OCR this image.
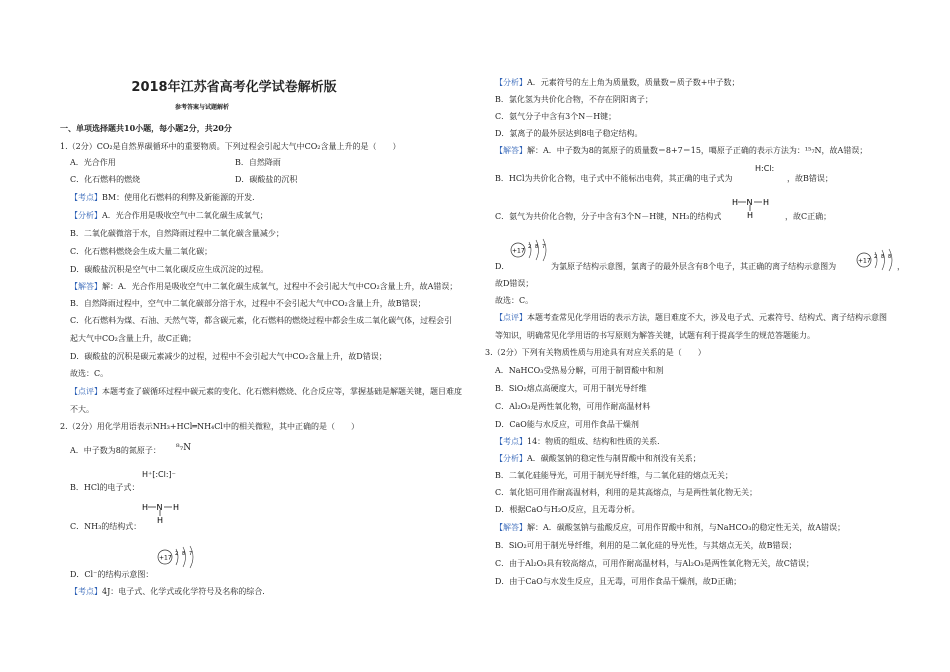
2018年江苏省高考化学试卷解析版
参考答案与试题解析
一、单项选择题共10小题，每小题2分，共20分
1.（2分）CO₂是自然界碳循环中的重要物质。下列过程会引起大气中CO₂含量上升的是（　　）
A．光合作用	B．自然降雨
C．化石燃料的燃烧	D．碳酸盐的沉积
【考点】BM：使用化石燃料的利弊及新能源的开发．
【分析】A．光合作用是吸收空气中二氧化碳生成氧气；
B．二氧化碳微溶于水，自然降雨过程中二氧化碳含量减少；
C．化石燃料燃烧会生成大量二氧化碳；
D．碳酸盐沉积是空气中二氧化碳反应生成沉淀的过程。
【解答】解：A．光合作用是吸收空气中二氧化碳生成氧气，过程中不会引起大气中CO₂含量上升，故A错误；
B．自然降雨过程中，空气中二氧化碳部分溶于水，过程中不会引起大气中CO₂含量上升，故B错误；
C．化石燃料为煤、石油、天然气等，都含碳元素，化石燃料的燃烧过程中都会生成二氧化碳气体，过程会引
起大气中CO₂含量上升，故C正确；
D．碳酸盐的沉积是碳元素减少的过程，过程中不会引起大气中CO₂含量上升，故D错误；
故选：C。
【点评】本题考查了碳循环过程中碳元素的变化、化石燃料燃烧、化合反应等，掌握基础是解题关键，题目难度
不大。
2.（2分）用化学用语表示NH₃+HCl═NH₄Cl中的相关微粒，其中正确的是（　　）
A．中子数为8的氮原子： ⁸₇N
B．HCl的电子式：
H⁺[:Cl:]⁻
C．NH₃的结构式：
H N H
H
D．Cl⁻的结构示意图：
+17
2 8 7
【考点】4J：电子式、化学式或化学符号及名称的综合．
【分析】A．元素符号的左上角为质量数，质量数＝质子数+中子数；
B．氯化氢为共价化合物，不存在阴阳离子；
C．氨气分子中含有3个N－H键；
D．氯离子的最外层达到8电子稳定结构。
【解答】解：A．中子数为8的氮原子的质量数＝8+7＝15，噶原子正确的表示方法为：¹⁵₇N，故A错误；
B．HCl为共价化合物，电子式中不能标出电荷，其正确的电子式为
H:Cl:
，故B错误；
C．氨气为共价化合物，分子中含有3个N－H键，NH₃的结构式
H N H
H	，故C正确；
D．
+17
2 8 7
为氯原子结构示意图，氯离子的最外层含有8个电子，其正确的离子结构示意图为
+17
2 8 8
，
故D错误；
故选：C。
【点评】本题考查常见化学用语的表示方法，题目难度不大，涉及电子式、元素符号、结构式、离子结构示意图
等知识，明确常见化学用语的书写原则为解答关键，试题有利于提高学生的规范答题能力。
3.（2分）下列有关物质性质与用途具有对应关系的是（　　）
A．NaHCO₃受热易分解，可用于制胃酸中和剂
B．SiO₂熔点高硬度大，可用于制光导纤维
C．Al₂O₃是两性氧化物，可用作耐高温材料
D．CaO能与水反应，可用作食品干燥剂
【考点】14：物质的组成、结构和性质的关系．
【分析】A．碳酸氢钠的稳定性与制胃酸中和剂没有关系；
B．二氧化硅能导光，可用于制光导纤维，与二氧化硅的熔点无关；
C．氧化铝可用作耐高温材料，利用的是其高熔点，与是两性氧化物无关；
D．根据CaO与H₂O反应，且无毒分析。
【解答】解：A．碳酸氢钠与盐酸反应，可用作胃酸中和剂，与NaHCO₃的稳定性无关，故A错误；
B．SiO₂可用于制光导纤维，利用的是二氧化硅的导光性，与其熔点无关，故B错误；
C．由于Al₂O₃具有较高熔点，可用作耐高温材料，与Al₂O₃是两性氧化物无关，故C错误；
D．由于CaO与水发生反应，且无毒，可用作食品干燥剂，故D正确；
